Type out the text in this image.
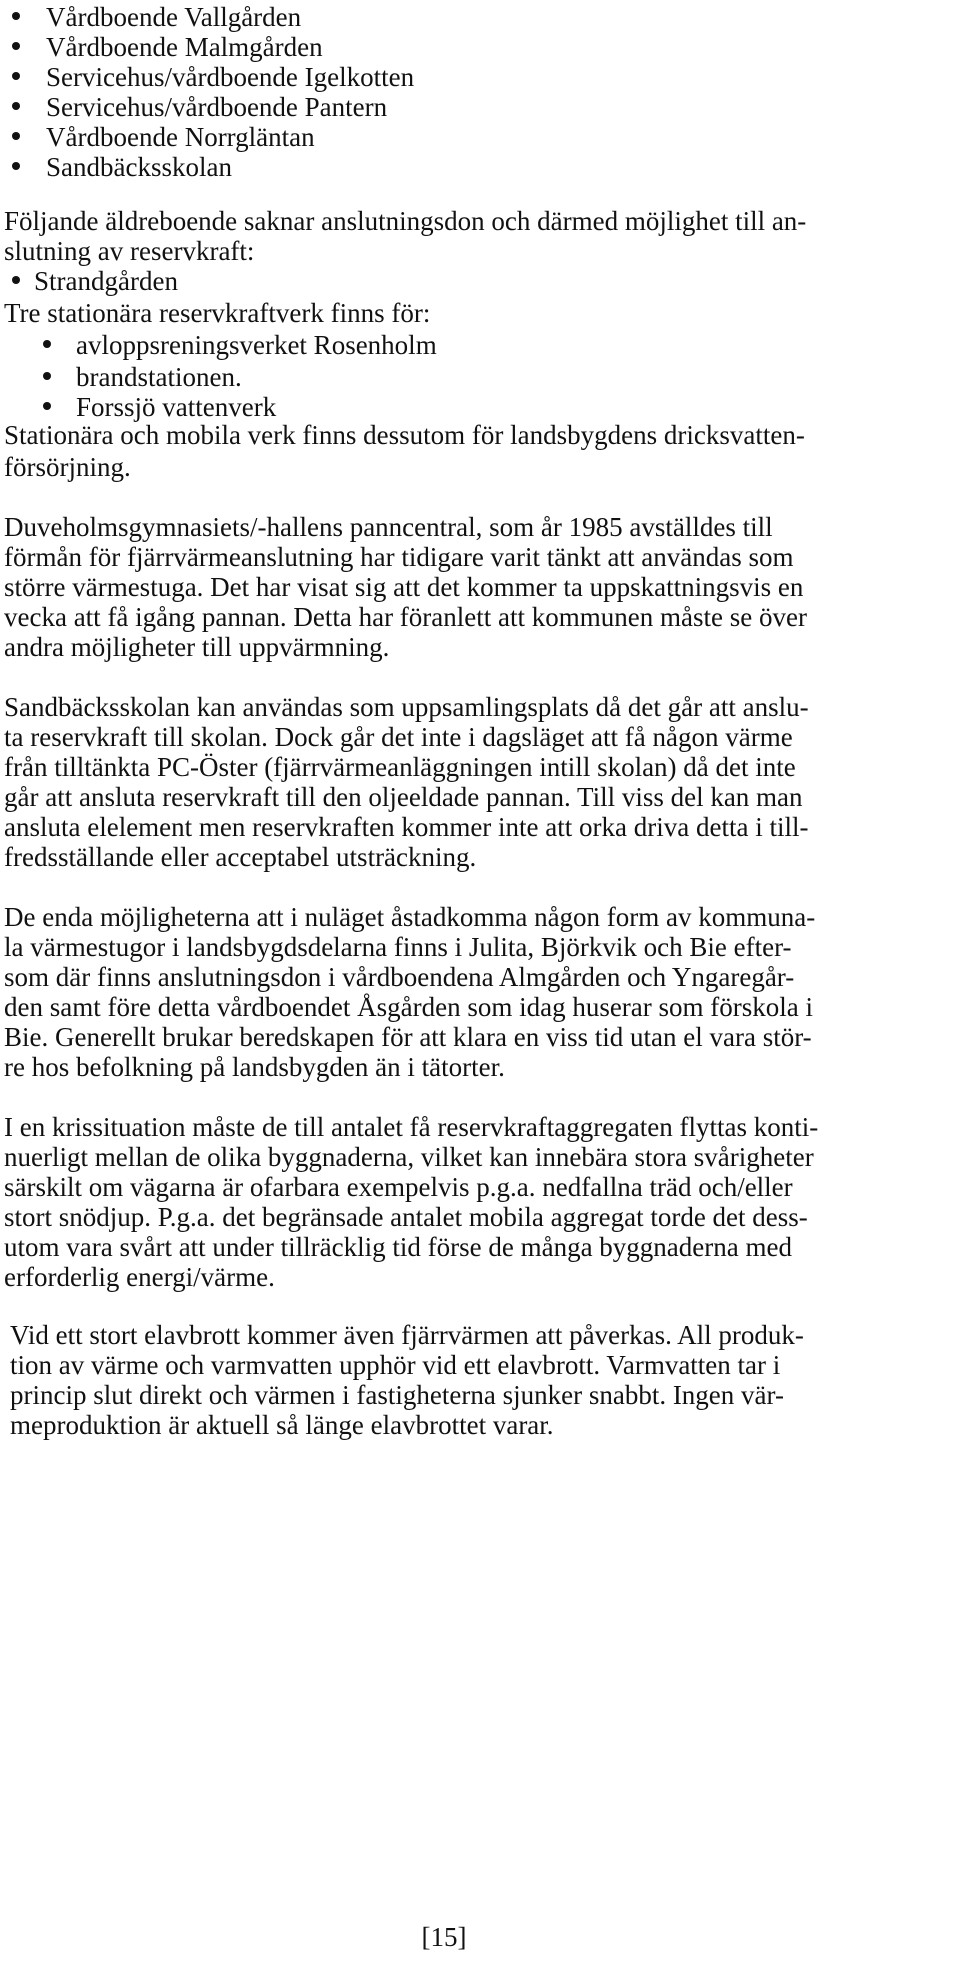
Vårdboende Vallgården
Vårdboende Malmgården
Servicehus/vårdboende Igelkotten
Servicehus/vårdboende Pantern
Vårdboende Norrgläntan
Sandbäcksskolan
Följande äldreboende saknar anslutningsdon och därmed möjlighet till an-
slutning av reservkraft:
Strandgården
Tre stationära reservkraftverk finns för:
avloppsreningsverket Rosenholm
brandstationen.
Forssjö vattenverk
Stationära och mobila verk finns dessutom för landsbygdens dricksvatten-
försörjning.
Duveholmsgymnasiets/-hallens panncentral, som år 1985 avställdes till
förmån för fjärrvärmeanslutning har tidigare varit tänkt att användas som
större värmestuga. Det har visat sig att det kommer ta uppskattningsvis en
vecka att få igång pannan. Detta har föranlett att kommunen måste se över
andra möjligheter till uppvärmning.
Sandbäcksskolan kan användas som uppsamlingsplats då det går att anslu-
ta reservkraft till skolan. Dock går det inte i dagsläget att få någon värme
från tilltänkta PC-Öster (fjärrvärmeanläggningen intill skolan) då det inte
går att ansluta reservkraft till den oljeeldade pannan. Till viss del kan man
ansluta elelement men reservkraften kommer inte att orka driva detta i till-
fredsställande eller acceptabel utsträckning.
De enda möjligheterna att i nuläget åstadkomma någon form av kommuna-
la värmestugor i landsbygdsdelarna finns i Julita, Björkvik och Bie efter-
som där finns anslutningsdon i vårdboendena Almgården och Yngaregår-
den samt före detta vårdboendet Åsgården som idag huserar som förskola i
Bie. Generellt brukar beredskapen för att klara en viss tid utan el vara stör-
re hos befolkning på landsbygden än i tätorter.
I en krissituation måste de till antalet få reservkraftaggregaten flyttas konti-
nuerligt mellan de olika byggnaderna, vilket kan innebära stora svårigheter
särskilt om vägarna är ofarbara exempelvis p.g.a. nedfallna träd och/eller
stort snödjup. P.g.a. det begränsade antalet mobila aggregat torde det dess-
utom vara svårt att under tillräcklig tid förse de många byggnaderna med
erforderlig energi/värme.
Vid ett stort elavbrott kommer även fjärrvärmen att påverkas. All produk-
tion av värme och varmvatten upphör vid ett elavbrott. Varmvatten tar i
princip slut direkt och värmen i fastigheterna sjunker snabbt. Ingen vär-
meproduktion är aktuell så länge elavbrottet varar.
[15]
